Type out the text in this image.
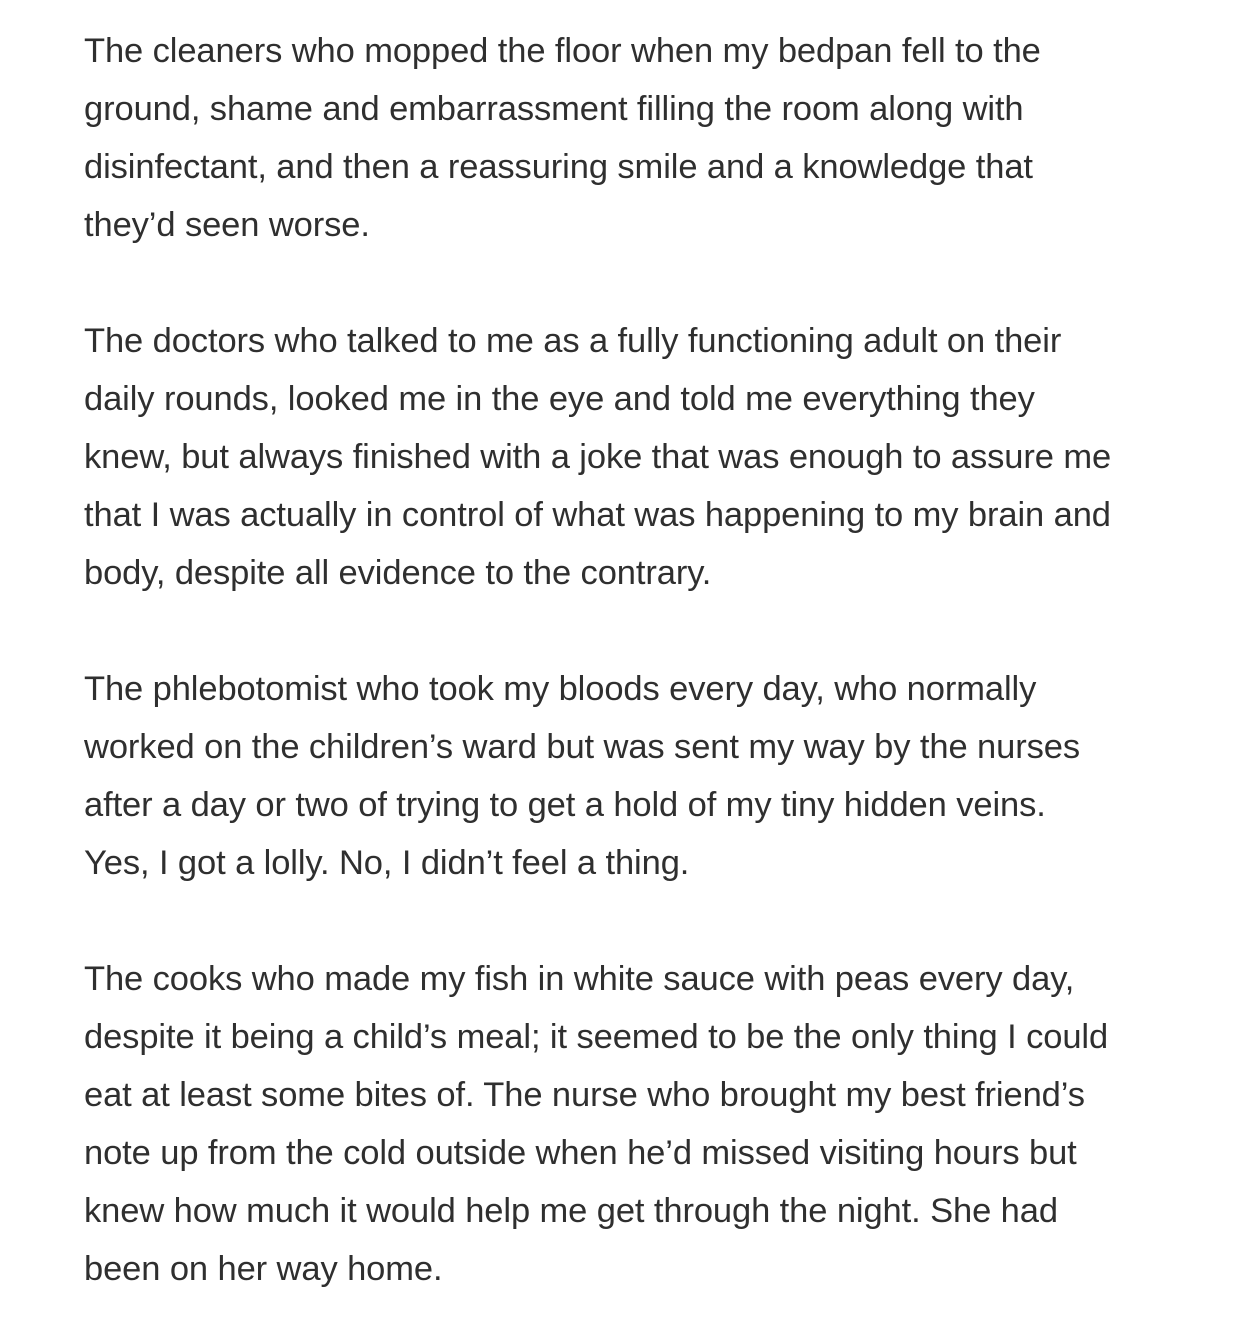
The cleaners who mopped the floor when my bedpan fell to the
ground, shame and embarrassment filling the room along with
disinfectant, and then a reassuring smile and a knowledge that
they’d seen worse.

The doctors who talked to me as a fully functioning adult on their
daily rounds, looked me in the eye and told me everything they
knew, but always finished with a joke that was enough to assure me
that I was actually in control of what was happening to my brain and
body, despite all evidence to the contrary.

The phlebotomist who took my bloods every day, who normally
worked on the children’s ward but was sent my way by the nurses
after a day or two of trying to get a hold of my tiny hidden veins.
Yes, I got a lolly. No, I didn’t feel a thing.

The cooks who made my fish in white sauce with peas every day,
despite it being a child’s meal; it seemed to be the only thing I could
eat at least some bites of. The nurse who brought my best friend’s
note up from the cold outside when he’d missed visiting hours but
knew how much it would help me get through the night. She had
been on her way home.
